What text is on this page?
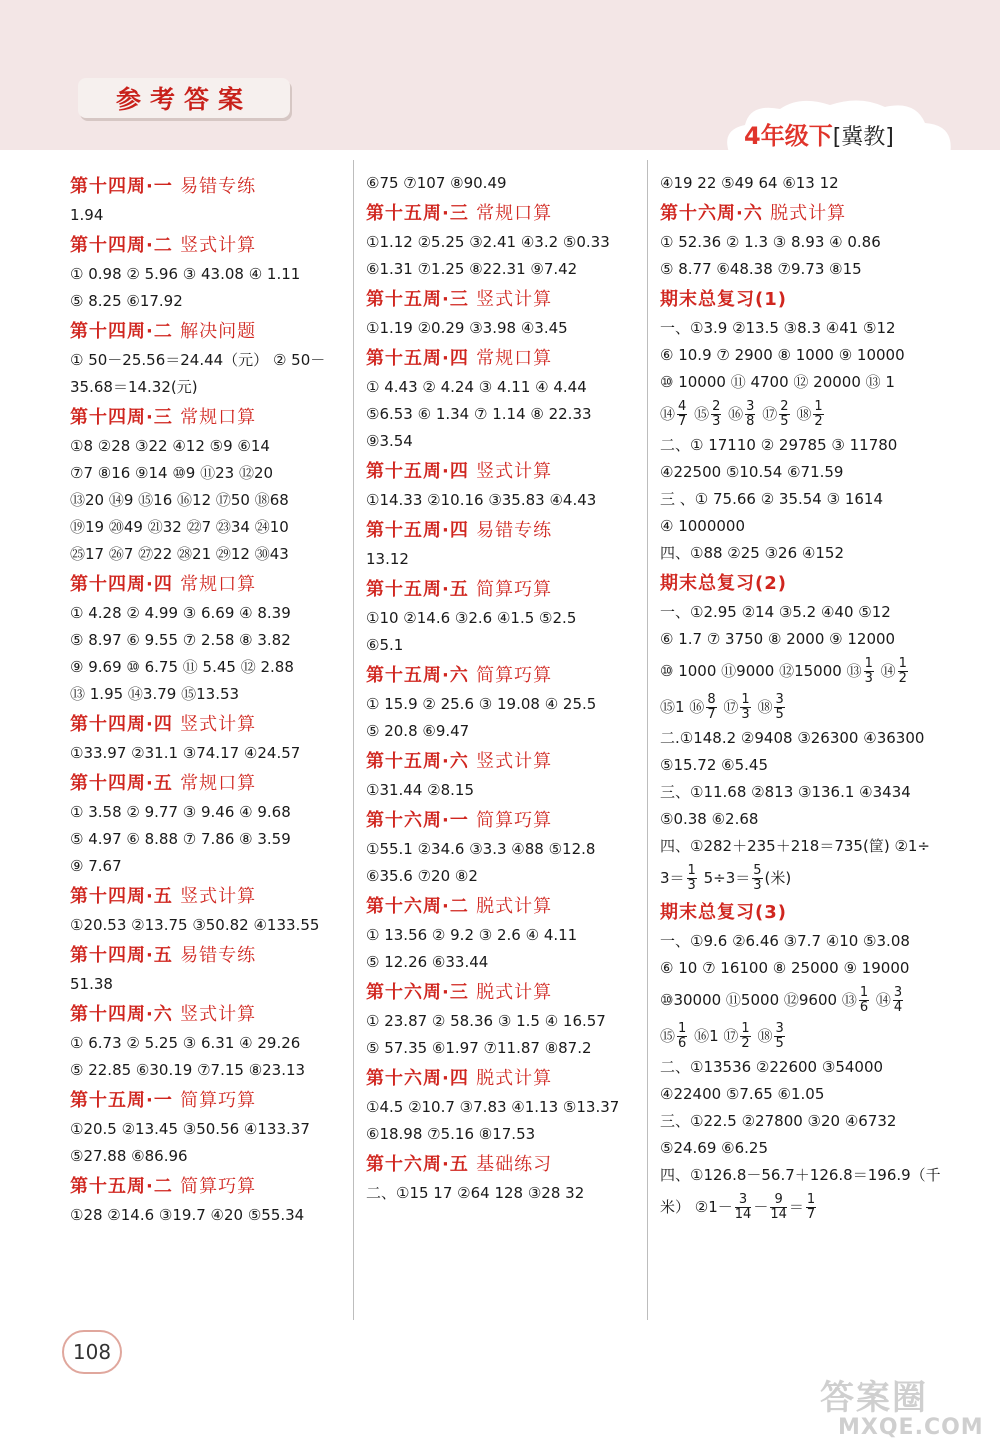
参考答案
4年级下[冀教]
第十四周·一 易错专练
1.94
第十四周·二 竖式计算
① 0.98 ② 5.96 ③ 43.08 ④ 1.11
⑤ 8.25 ⑥17.92
第十四周·二 解决问题
① 50－25.56＝24.44（元） ② 50－
35.68＝14.32(元)
第十四周·三 常规口算
①8 ②28 ③22 ④12 ⑤9 ⑥14
⑦7 ⑧16 ⑨14 ⑩9 ⑪23 ⑫20
⑬20 ⑭9 ⑮16 ⑯12 ⑰50 ⑱68
⑲19 ⑳49 ㉑32 ㉒7 ㉓34 ㉔10
㉕17 ㉖7 ㉗22 ㉘21 ㉙12 ㉚43
第十四周·四 常规口算
① 4.28 ② 4.99 ③ 6.69 ④ 8.39
⑤ 8.97 ⑥ 9.55 ⑦ 2.58 ⑧ 3.82
⑨ 9.69 ⑩ 6.75 ⑪ 5.45 ⑫ 2.88
⑬ 1.95 ⑭3.79 ⑮13.53
第十四周·四 竖式计算
①33.97 ②31.1 ③74.17 ④24.57
第十四周·五 常规口算
① 3.58 ② 9.77 ③ 9.46 ④ 9.68
⑤ 4.97 ⑥ 8.88 ⑦ 7.86 ⑧ 3.59
⑨ 7.67
第十四周·五 竖式计算
①20.53 ②13.75 ③50.82 ④133.55
第十四周·五 易错专练
51.38
第十四周·六 竖式计算
① 6.73 ② 5.25 ③ 6.31 ④ 29.26
⑤ 22.85 ⑥30.19 ⑦7.15 ⑧23.13
第十五周·一 简算巧算
①20.5 ②13.45 ③50.56 ④133.37
⑤27.88 ⑥86.96
第十五周·二 简算巧算
①28 ②14.6 ③19.7 ④20 ⑤55.34
⑥75 ⑦107 ⑧90.49
第十五周·三 常规口算
①1.12 ②5.25 ③2.41 ④3.2 ⑤0.33
⑥1.31 ⑦1.25 ⑧22.31 ⑨7.42
第十五周·三 竖式计算
①1.19 ②0.29 ③3.98 ④3.45
第十五周·四 常规口算
① 4.43 ② 4.24 ③ 4.11 ④ 4.44
⑤6.53 ⑥ 1.34 ⑦ 1.14 ⑧ 22.33
⑨3.54
第十五周·四 竖式计算
①14.33 ②10.16 ③35.83 ④4.43
第十五周·四 易错专练
13.12
第十五周·五 简算巧算
①10 ②14.6 ③2.6 ④1.5 ⑤2.5
⑥5.1
第十五周·六 简算巧算
① 15.9 ② 25.6 ③ 19.08 ④ 25.5
⑤ 20.8 ⑥9.47
第十五周·六 竖式计算
①31.44 ②8.15
第十六周·一 简算巧算
①55.1 ②34.6 ③3.3 ④88 ⑤12.8
⑥35.6 ⑦20 ⑧2
第十六周·二 脱式计算
① 13.56 ② 9.2 ③ 2.6 ④ 4.11
⑤ 12.26 ⑥33.44
第十六周·三 脱式计算
① 23.87 ② 58.36 ③ 1.5 ④ 16.57
⑤ 57.35 ⑥1.97 ⑦11.87 ⑧87.2
第十六周·四 脱式计算
①4.5 ②10.7 ③7.83 ④1.13 ⑤13.37
⑥18.98 ⑦5.16 ⑧17.53
第十六周·五 基础练习
二、①15 17 ②64 128 ③28 32
④19 22 ⑤49 64 ⑥13 12
第十六周·六 脱式计算
① 52.36 ② 1.3 ③ 8.93 ④ 0.86
⑤ 8.77 ⑥48.38 ⑦9.73 ⑧15
期末总复习(1)
一、①3.9 ②13.5 ③8.3 ④41 ⑤12
⑥ 10.9 ⑦ 2900 ⑧ 1000 ⑨ 10000
⑩ 10000 ⑪ 4700 ⑫ 20000 ⑬ 1
⑭ $\frac{4}{7}$ ⑮ $\frac{2}{3}$ ⑯ $\frac{3}{8}$ ⑰ $\frac{2}{5}$ ⑱ $\frac{1}{2}$
二、① 17110 ② 29785 ③ 11780
④22500 ⑤10.54 ⑥71.59
三 、① 75.66 ② 35.54 ③ 1614
④ 1000000
四、①88 ②25 ③26 ④152
期末总复习(2)
一、①2.95 ②14 ③5.2 ④40 ⑤12
⑥ 1.7 ⑦ 3750 ⑧ 2000 ⑨ 12000
⑩ 1000 ⑪9000 ⑫15000 ⑬ $\frac{1}{3}$ ⑭ $\frac{1}{2}$
⑮1 ⑯ $\frac{8}{7}$ ⑰ $\frac{1}{3}$ ⑱ $\frac{3}{5}$
二.①148.2 ②9408 ③26300 ④36300
⑤15.72 ⑥5.45
三、①11.68 ②813 ③136.1 ④3434
⑤0.38 ⑥2.68
四、①282＋235＋218＝735(筐) ②1÷
$3= \frac{1}{3} 5\div 3= \frac{5}{3}$ (米)
期末总复习(3)
一、①9.6 ②6.46 ③7.7 ④10 ⑤3.08
⑥ 10 ⑦ 16100 ⑧ 25000 ⑨ 19000
⑩30000 ⑪5000 ⑫9600 ⑬ $\frac{1}{6}$ ⑭ $\frac{3}{4}$
⑮ $\frac{1}{6}$ ⑯1 ⑰ $\frac{1}{2}$ ⑱ $\frac{3}{5}$
二、①13536 ②22600 ③54000
④22400 ⑤7.65 ⑥1.05
三、①22.5 ②27800 ③20 ④6732
⑤24.69 ⑥6.25
四、①126.8－56.7＋126.8＝196.9（千
米） ②1－ $\frac{3}{14} - \frac{9}{14} = \frac{1}{7}$
108
答案圈
MXQE.COM
